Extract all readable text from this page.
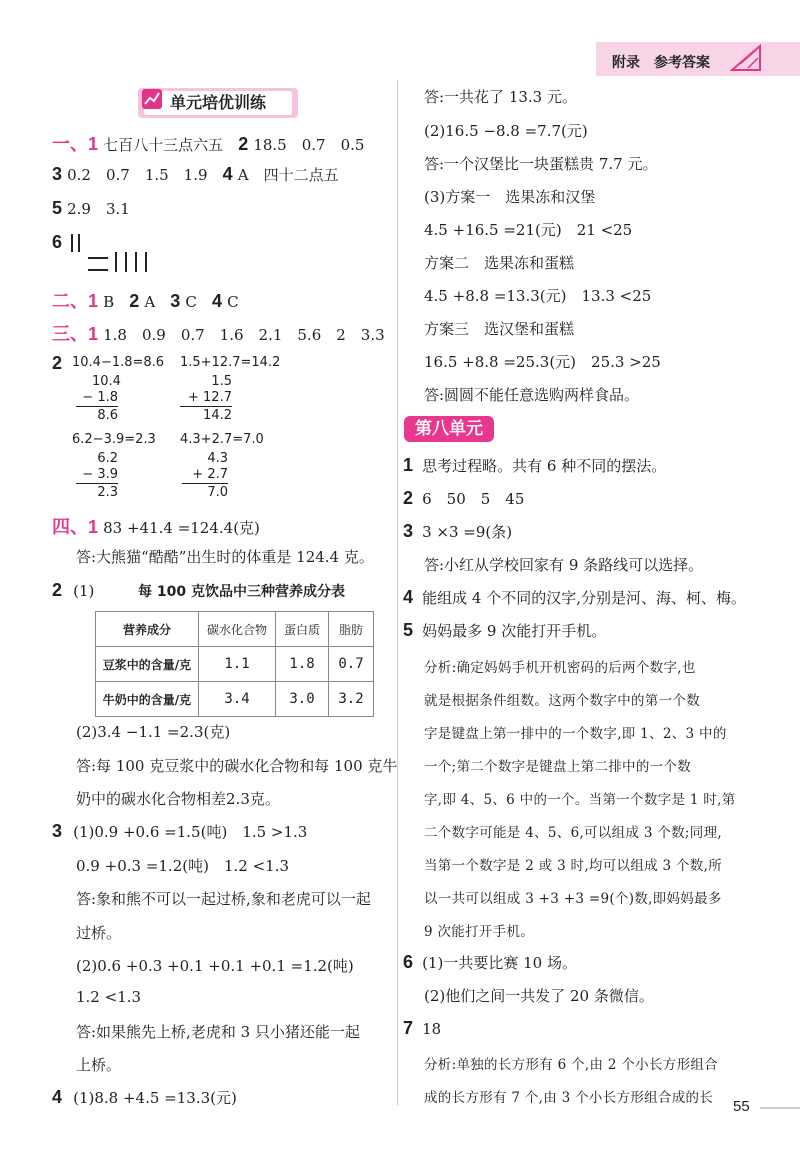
附录　参考答案
单元培优训练
一、1 七百八十三点六五 2 18.5　0.7　0.5
3 0.2　0.7　1.5　1.9 4 A　四十二点五
5 2.9　3.1
6
二、1 B 2 A 3 C 4 C
三、1 1.8　0.9　0.7　1.6　2.1　5.6　2　3.3
2 10.4−1.8=8.6 1.5+12.7=14.2
10.4
− 1.8
8.6
1.5
+ 12.7
14.2
6.2−3.9=2.3 4.3+2.7=7.0
6.2
− 3.9
2.3
4.3
+ 2.7
7.0
四、1 83 +41.4 =124.4(克)
答:大熊猫“酷酷”出生时的体重是 124.4 克。
2 (1)	每 100 克饮品中三种营养成分表
营养成分	碳水化合物	蛋白质	脂肪
豆浆中的含量/克	1.1	1.8	0.7
牛奶中的含量/克	3.4	3.0	3.2
(2)3.4 −1.1 =2.3(克)
答:每 100 克豆浆中的碳水化合物和每 100 克牛
奶中的碳水化合物相差2.3克。
3 (1)0.9 +0.6 =1.5(吨)　1.5 >1.3
0.9 +0.3 =1.2(吨)　1.2 <1.3
答:象和熊不可以一起过桥,象和老虎可以一起
过桥。
(2)0.6 +0.3 +0.1 +0.1 +0.1 =1.2(吨)
1.2 <1.3
答:如果熊先上桥,老虎和 3 只小猪还能一起
上桥。
4 (1)8.8 +4.5 =13.3(元)
答:一共花了 13.3 元。
(2)16.5 −8.8 =7.7(元)
答:一个汉堡比一块蛋糕贵 7.7 元。
(3)方案一　选果冻和汉堡
4.5 +16.5 =21(元)　21 <25
方案二　选果冻和蛋糕
4.5 +8.8 =13.3(元)　13.3 <25
方案三　选汉堡和蛋糕
16.5 +8.8 =25.3(元)　25.3 >25
答:圆圆不能任意选购两样食品。
第八单元
1 思考过程略。共有 6 种不同的摆法。
2 6　50　5　45
3 3 ×3 =9(条)
答:小红从学校回家有 9 条路线可以选择。
4 能组成 4 个不同的汉字,分别是河、海、柯、梅。
5 妈妈最多 9 次能打开手机。
分析:确定妈妈手机开机密码的后两个数字,也
就是根据条件组数。这两个数字中的第一个数
字是键盘上第一排中的一个数字,即 1、2、3 中的
一个;第二个数字是键盘上第二排中的一个数
字,即 4、5、6 中的一个。当第一个数字是 1 时,第
二个数字可能是 4、5、6,可以组成 3 个数;同理,
当第一个数字是 2 或 3 时,均可以组成 3 个数,所
以一共可以组成 3 +3 +3 =9(个)数,即妈妈最多
9 次能打开手机。
6 (1)一共要比赛 10 场。
(2)他们之间一共发了 20 条微信。
7 18
分析:单独的长方形有 6 个,由 2 个小长方形组合
成的长方形有 7 个,由 3 个小长方形组合成的长 55
